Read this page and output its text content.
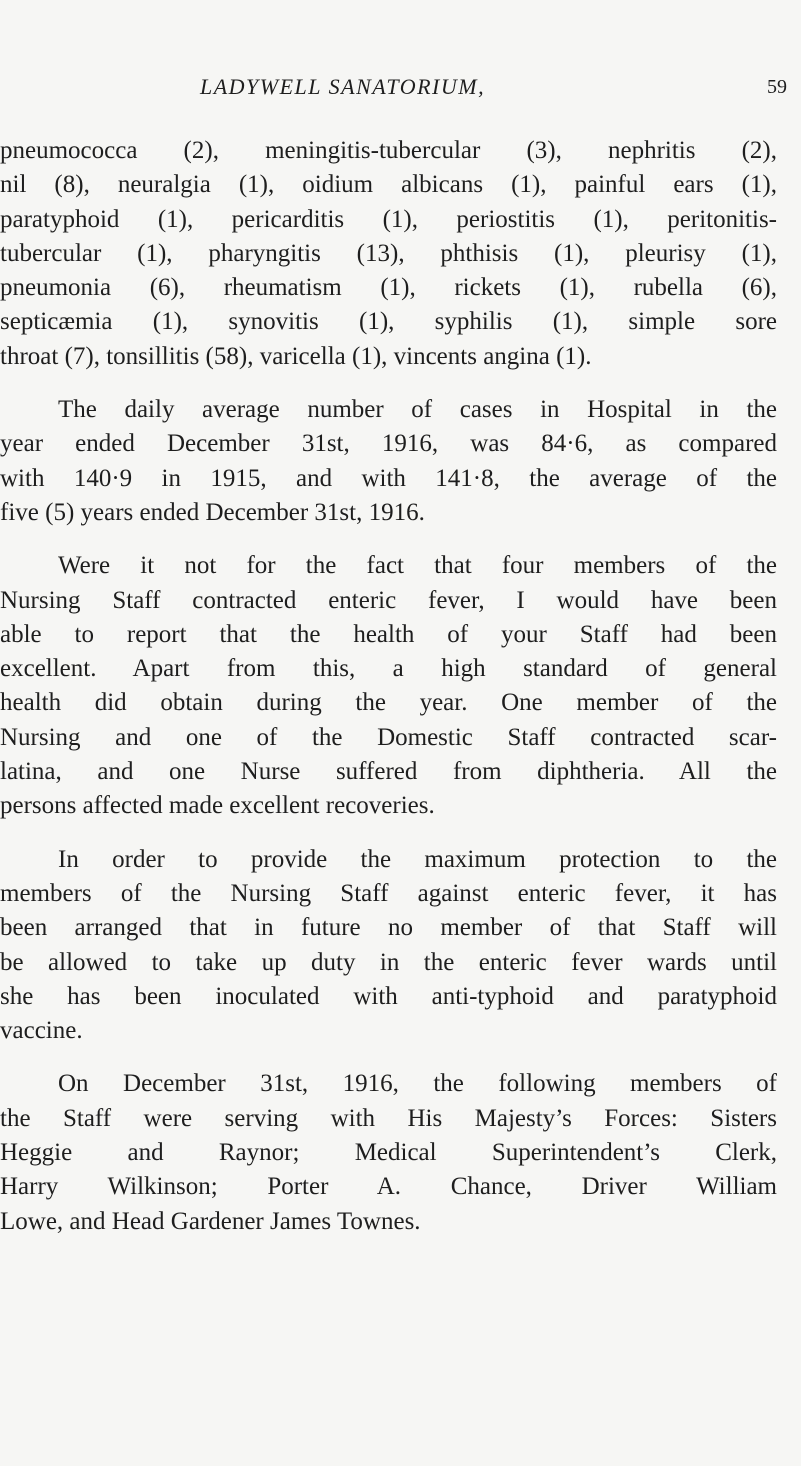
LADYWELL SANATORIUM,	59
pneumococca (2), meningitis-tubercular (3), nephritis (2),
nil (8), neuralgia (1), oidium albicans (1), painful ears (1),
paratyphoid (1), pericarditis (1), periostitis (1), peritonitis-
tubercular (1), pharyngitis (13), phthisis (1), pleurisy (1),
pneumonia (6), rheumatism (1), rickets (1), rubella (6),
septicæmia (1), synovitis (1), syphilis (1), simple sore
throat (7), tonsillitis (58), varicella (1), vincents angina (1).
The daily average number of cases in Hospital in the
year ended December 31st, 1916, was 84·6, as compared
with 140·9 in 1915, and with 141·8, the average of the
five (5) years ended December 31st, 1916.
Were it not for the fact that four members of the
Nursing Staff contracted enteric fever, I would have been
able to report that the health of your Staff had been
excellent. Apart from this, a high standard of general
health did obtain during the year. One member of the
Nursing and one of the Domestic Staff contracted scar-
latina, and one Nurse suffered from diphtheria. All the
persons affected made excellent recoveries.
In order to provide the maximum protection to the
members of the Nursing Staff against enteric fever, it has
been arranged that in future no member of that Staff will
be allowed to take up duty in the enteric fever wards until
she has been inoculated with anti-typhoid and paratyphoid
vaccine.
On December 31st, 1916, the following members of
the Staff were serving with His Majesty’s Forces: Sisters
Heggie and Raynor; Medical Superintendent’s Clerk,
Harry Wilkinson; Porter A. Chance, Driver William
Lowe, and Head Gardener James Townes.
